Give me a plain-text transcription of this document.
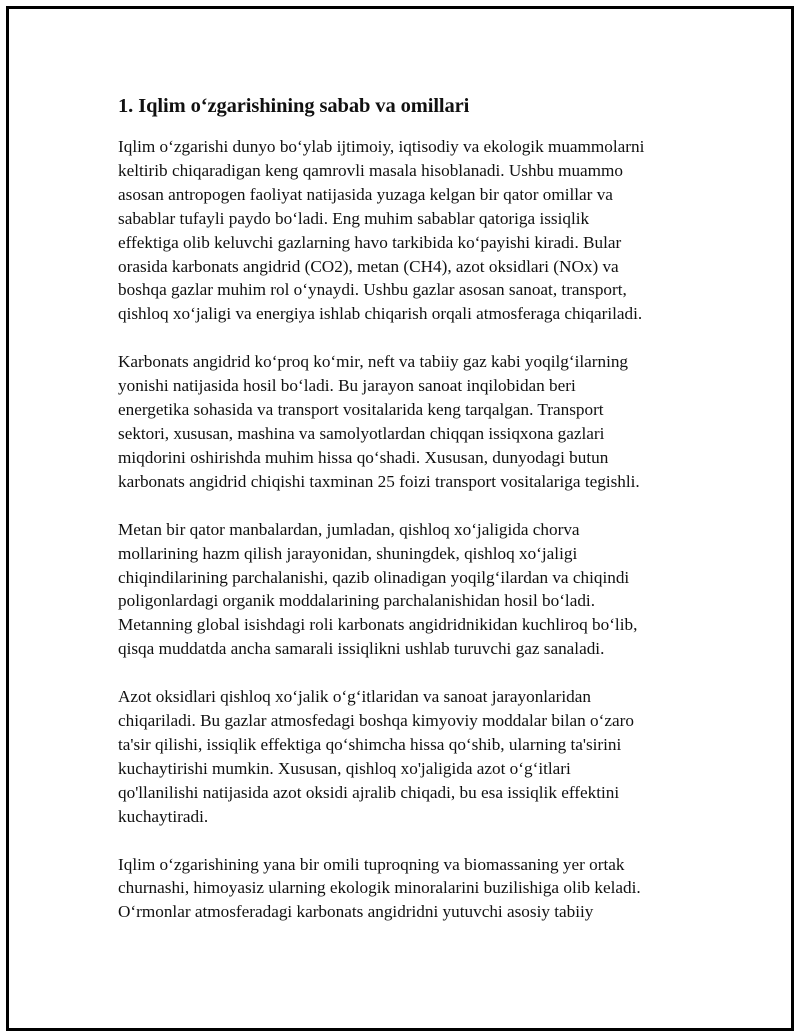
1. Iqlim o‘zgarishining sabab va omillari

Iqlim o‘zgarishi dunyo bo‘ylab ijtimoiy, iqtisodiy va ekologik muammolarni
keltirib chiqaradigan keng qamrovli masala hisoblanadi. Ushbu muammo
asosan antropogen faoliyat natijasida yuzaga kelgan bir qator omillar va
sabablar tufayli paydo bo‘ladi. Eng muhim sabablar qatoriga issiqlik
effektiga olib keluvchi gazlarning havo tarkibida ko‘payishi kiradi. Bular
orasida karbonats angidrid (CO2), metan (CH4), azot oksidlari (NOx) va
boshqa gazlar muhim rol o‘ynaydi. Ushbu gazlar asosan sanoat, transport,
qishloq xo‘jaligi va energiya ishlab chiqarish orqali atmosferaga chiqariladi.

Karbonats angidrid ko‘proq ko‘mir, neft va tabiiy gaz kabi yoqilg‘ilarning
yonishi natijasida hosil bo‘ladi. Bu jarayon sanoat inqilobidan beri
energetika sohasida va transport vositalarida keng tarqalgan. Transport
sektori, xususan, mashina va samolyotlardan chiqqan issiqxona gazlari
miqdorini oshirishda muhim hissa qo‘shadi. Xususan, dunyodagi butun
karbonats angidrid chiqishi taxminan 25 foizi transport vositalariga tegishli.

Metan bir qator manbalardan, jumladan, qishloq xo‘jaligida chorva
mollarining hazm qilish jarayonidan, shuningdek, qishloq xo‘jaligi
chiqindilarining parchalanishi, qazib olinadigan yoqilg‘ilardan va chiqindi
poligonlardagi organik moddalarining parchalanishidan hosil bo‘ladi.
Metanning global isishdagi roli karbonats angidridnikidan kuchliroq bo‘lib,
qisqa muddatda ancha samarali issiqlikni ushlab turuvchi gaz sanaladi.

Azot oksidlari qishloq xo‘jalik o‘g‘itlaridan va sanoat jarayonlaridan
chiqariladi. Bu gazlar atmosfedagi boshqa kimyoviy moddalar bilan o‘zaro
ta'sir qilishi, issiqlik effektiga qo‘shimcha hissa qo‘shib, ularning ta'sirini
kuchaytirishi mumkin. Xususan, qishloq xo'jaligida azot o‘g‘itlari
qo'llanilishi natijasida azot oksidi ajralib chiqadi, bu esa issiqlik effektini
kuchaytiradi.

Iqlim o‘zgarishining yana bir omili tuproqning va biomassaning yer ortak
churnashi, himoyasiz ularning ekologik minoralarini buzilishiga olib keladi.
O‘rmonlar atmosferadagi karbonats angidridni yutuvchi asosiy tabiiy
